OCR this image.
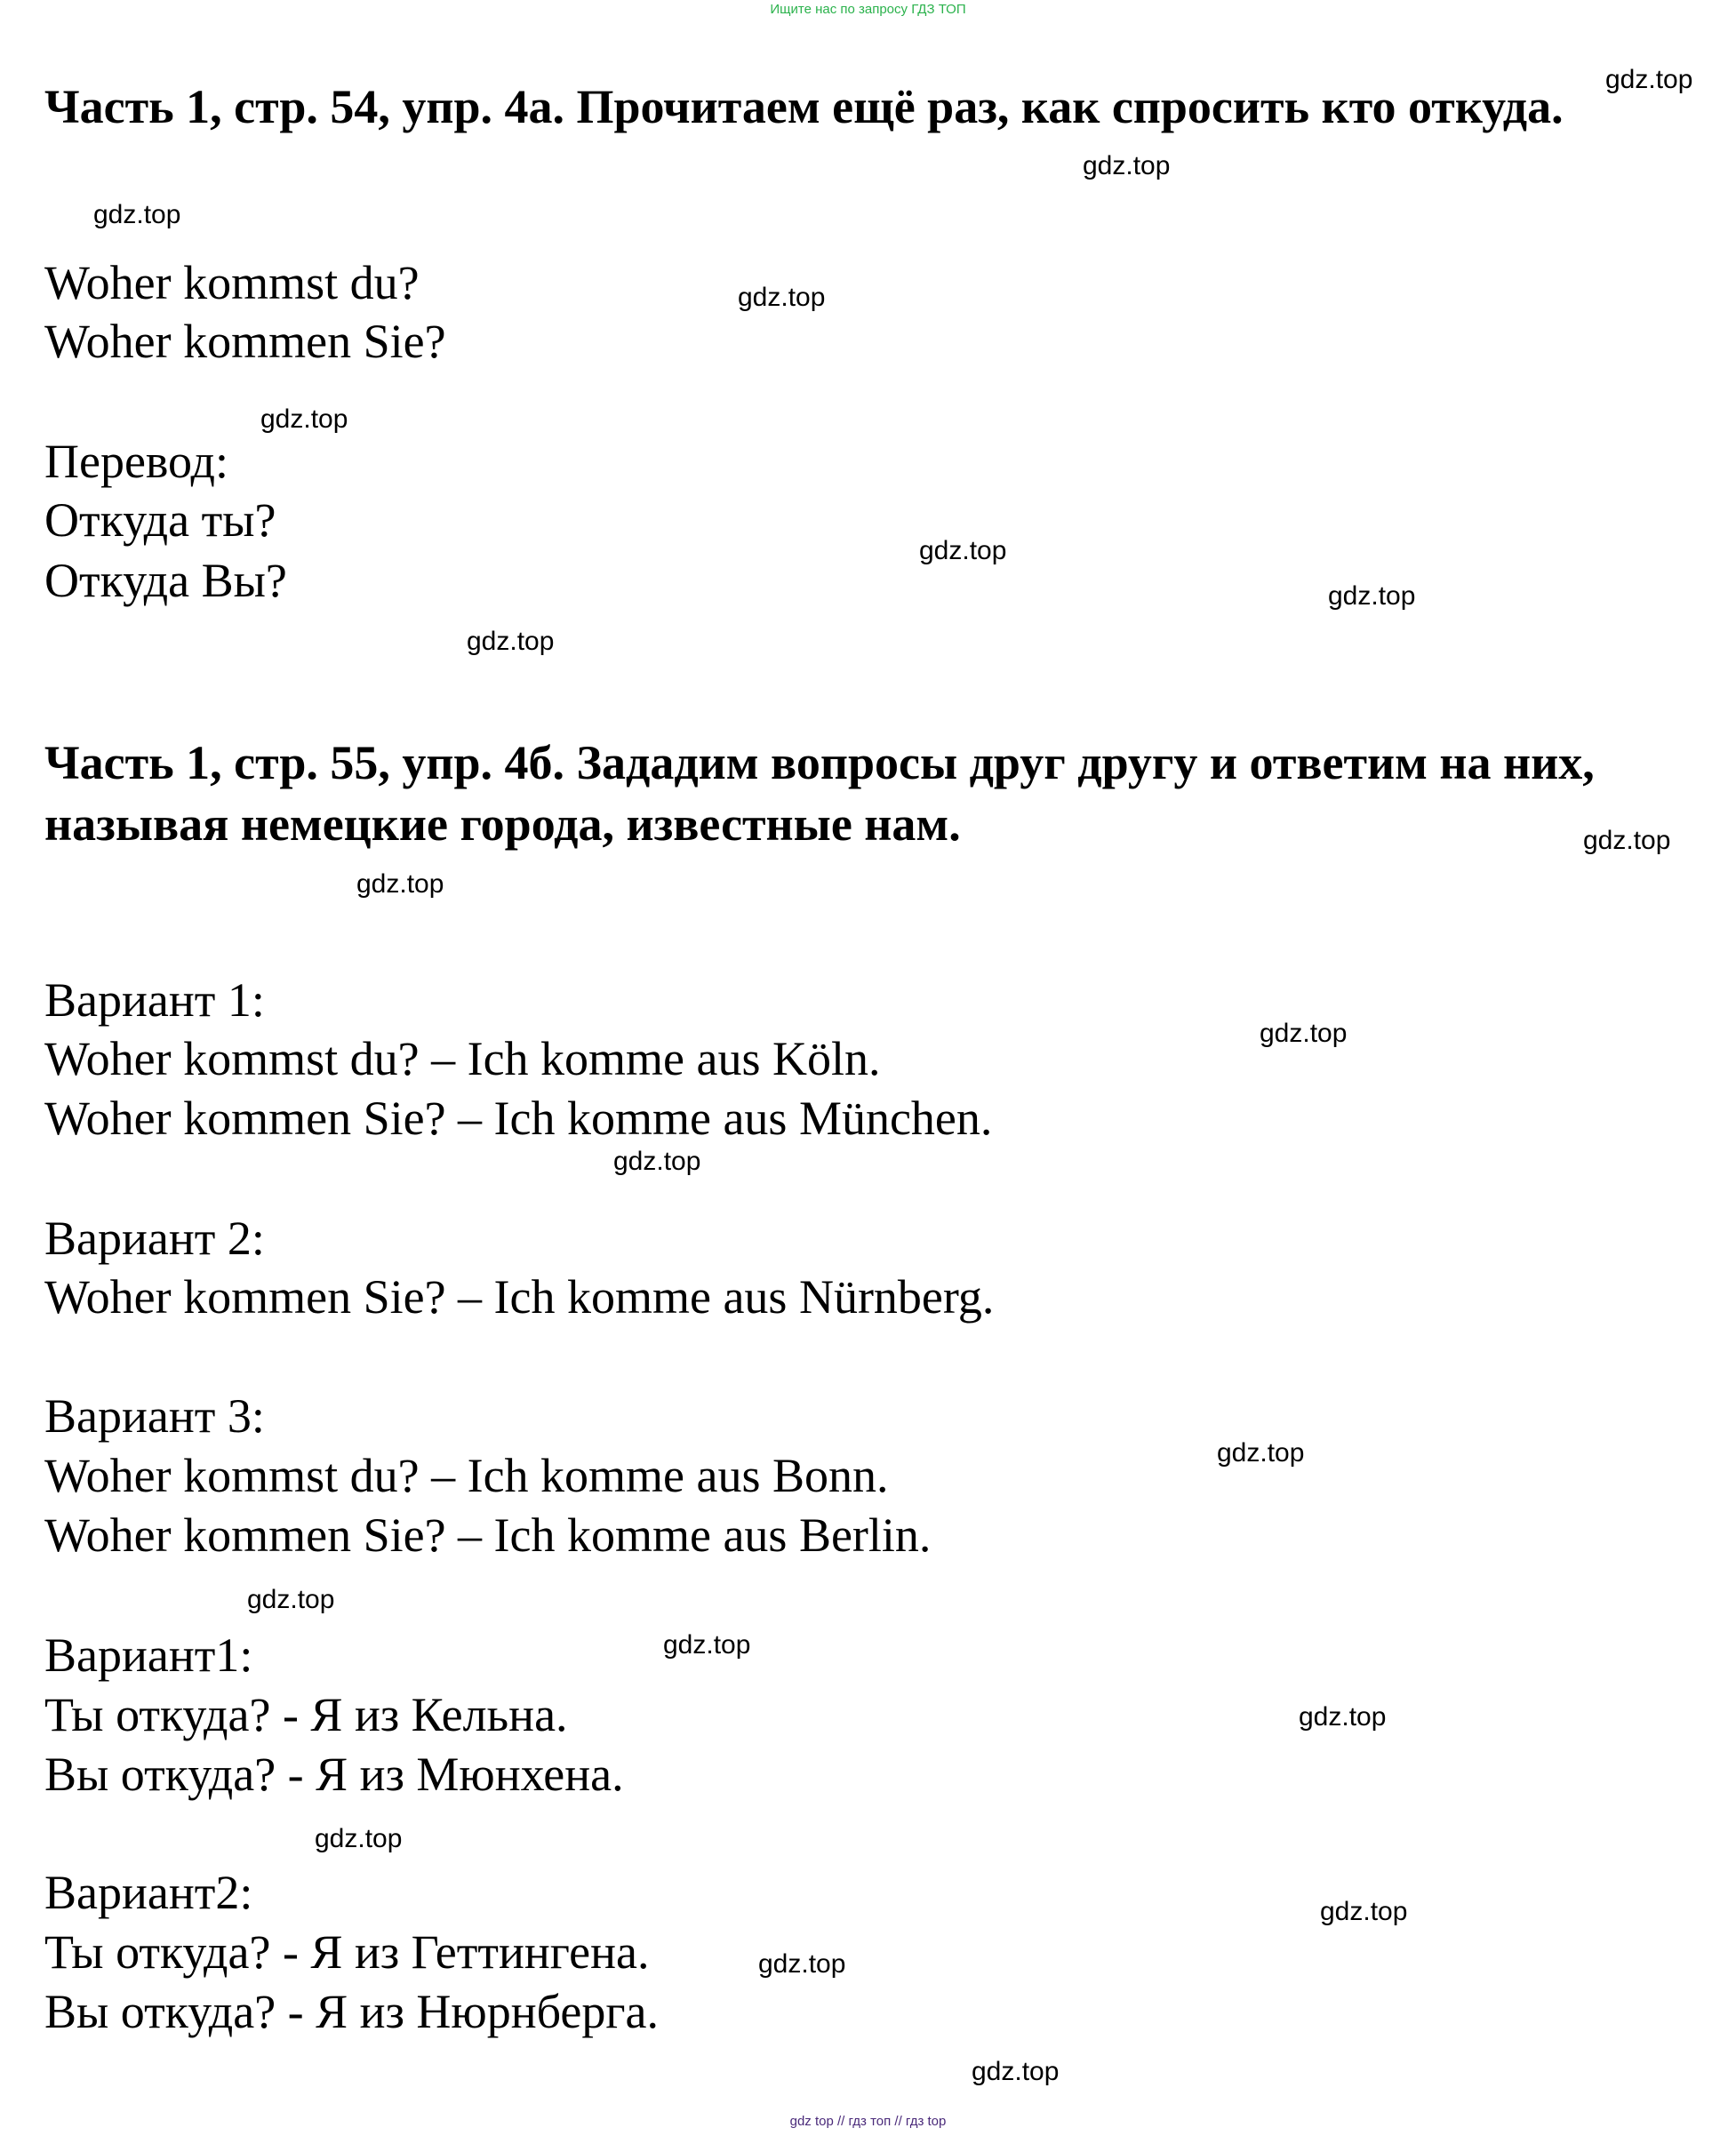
Ищите нас по запросу ГДЗ ТОП
Часть 1, стр. 54, упр. 4а. Прочитаем ещё раз, как спросить кто откуда.
Woher kommst du?
Woher kommen Sie?
Перевод:
Откуда ты?
Откуда Вы?
Часть 1, стр. 55, упр. 4б. Зададим вопросы друг другу и ответим на них, называя немецкие города, известные нам.
Вариант 1:
Woher kommst du? – Ich komme aus Köln.
Woher kommen Sie? – Ich komme aus München.
Вариант 2:
Woher kommen Sie? – Ich komme aus Nürnberg.
Вариант 3:
Woher kommst du? – Ich komme aus Bonn.
Woher kommen Sie? – Ich komme aus Berlin.
Вариант1:
Ты откуда? - Я из Кельна.
Вы откуда? - Я из Мюнхена.
Вариант2:
Ты откуда? - Я из Геттингена.
Вы откуда? - Я из Нюрнберга.
gdz.top
gdz.top
gdz.top
gdz.top
gdz.top
gdz.top
gdz.top
gdz.top
gdz.top
gdz.top
gdz.top
gdz.top
gdz.top
gdz.top
gdz.top
gdz.top
gdz.top
gdz.top
gdz.top
gdz.top
gdz top // гдз топ // гдз top
